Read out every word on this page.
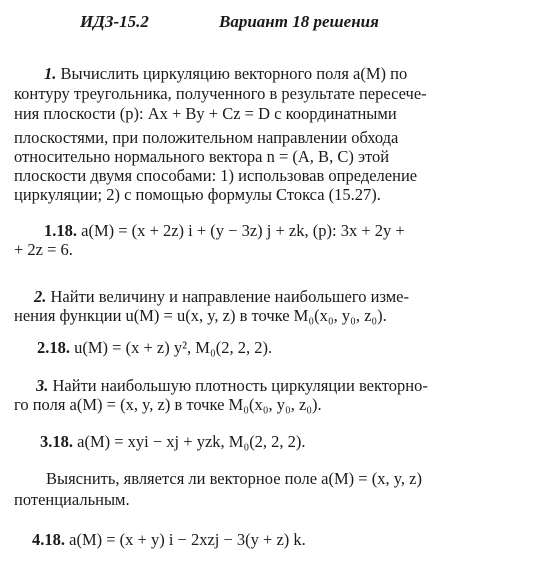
ИДЗ-15.2	Вариант 18 решения
1. Вычислить циркуляцию векторного поля a(M) по
контуру треугольника, полученного в результате пересече-
ния плоскости (p): Ax + By + Cz = D с координатными
плоскостями, при положительном направлении обхода
относительно нормального вектора n = (A, B, C) этой
плоскости двумя способами: 1) использовав определение
циркуляции; 2) с помощью формулы Стокса (15.27).
1.18. a(M) = (x + 2z) i + (y − 3z) j + zk, (p): 3x + 2y +
+ 2z = 6.
2. Найти величину и направление наибольшего изме-
нения функции u(M) = u(x, y, z) в точке M₀(x₀, y₀, z₀).
2.18. u(M) = (x + z) y², M₀(2, 2, 2).
3. Найти наибольшую плотность циркуляции векторно-
го поля a(M) = (x, y, z) в точке M₀(x₀, y₀, z₀).
3.18. a(M) = xyi − xj + yzk, M₀(2, 2, 2).
Выяснить, является ли векторное поле a(M) = (x, y, z)
потенциальным.
4.18. a(M) = (x + y) i − 2xzj − 3(y + z) k.
